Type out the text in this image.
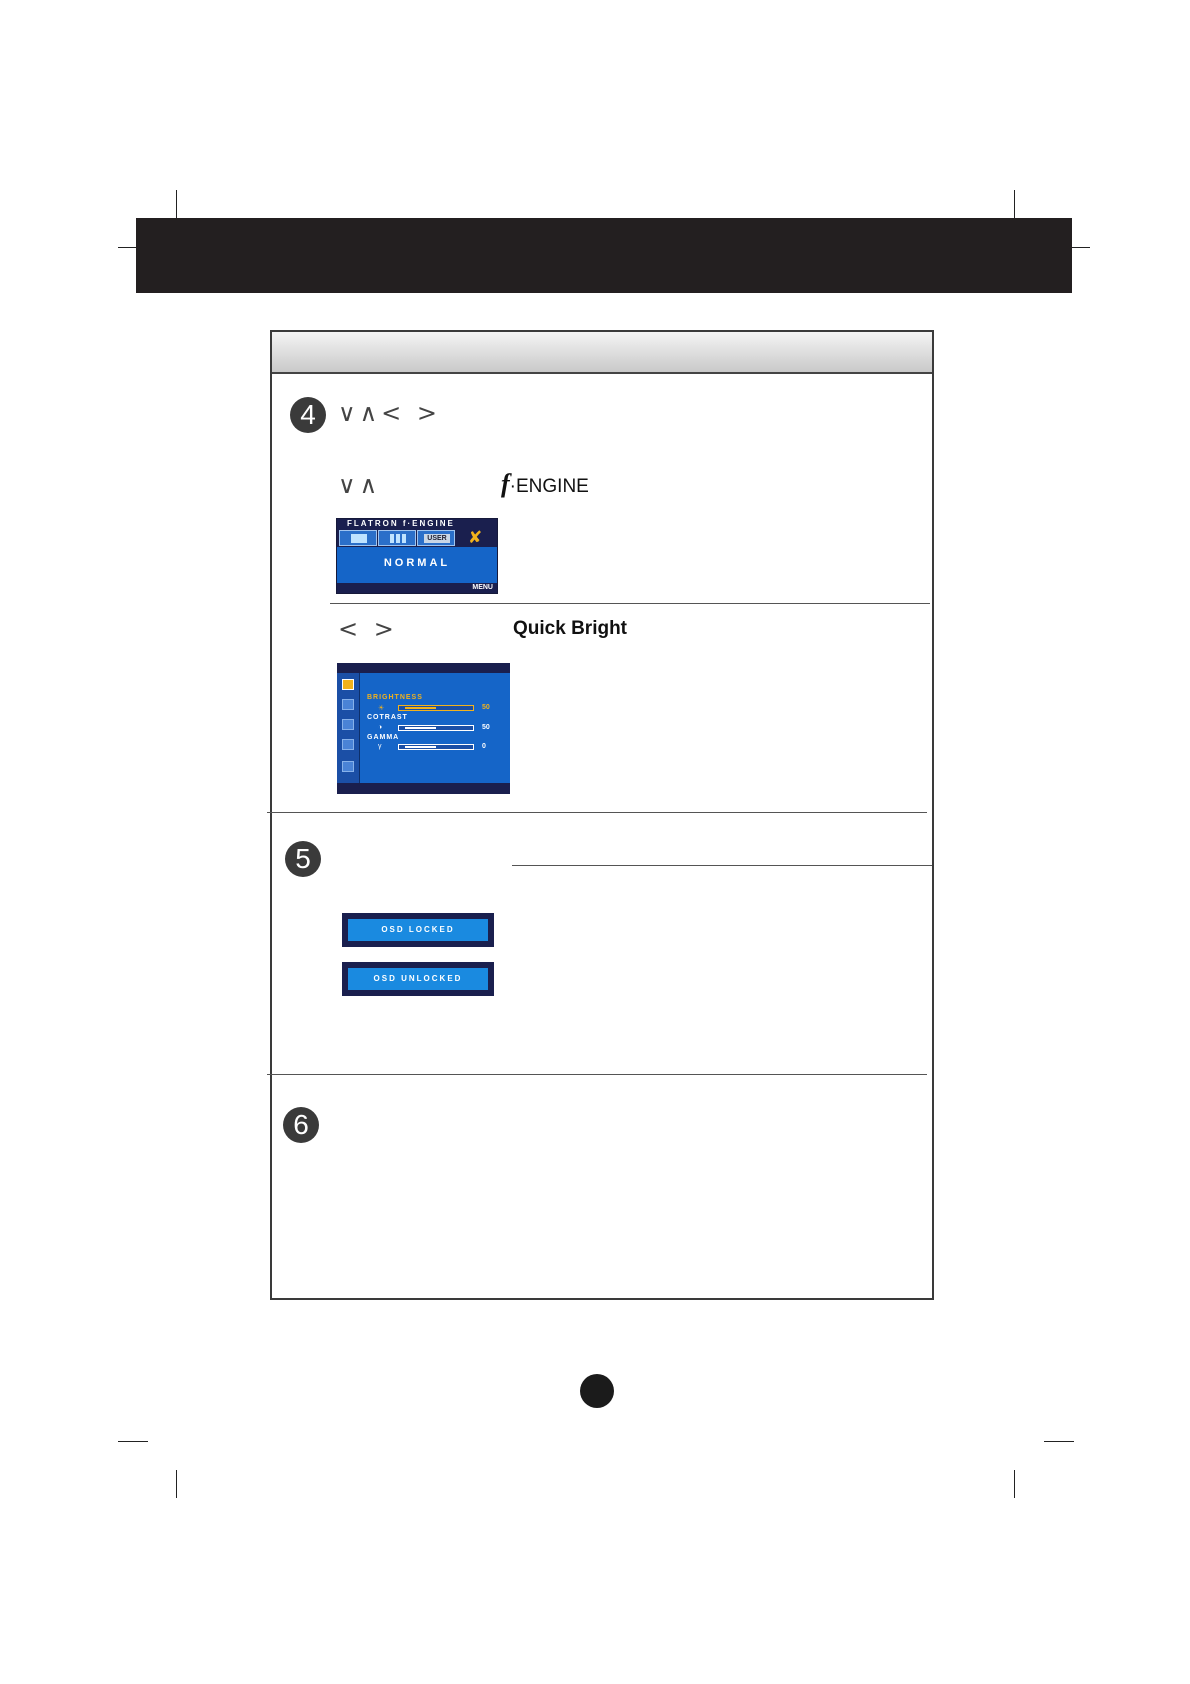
4 ∨∧< >
∨∧	f·ENGINE
FLATRON f·ENGINE
USER ✘
NORMAL
MENU
< >	Quick Bright
BRIGHTNESS
☀	50
COTRAST
◑	50
GAMMA
γ	0
5
OSD LOCKED
OSD UNLOCKED
6
